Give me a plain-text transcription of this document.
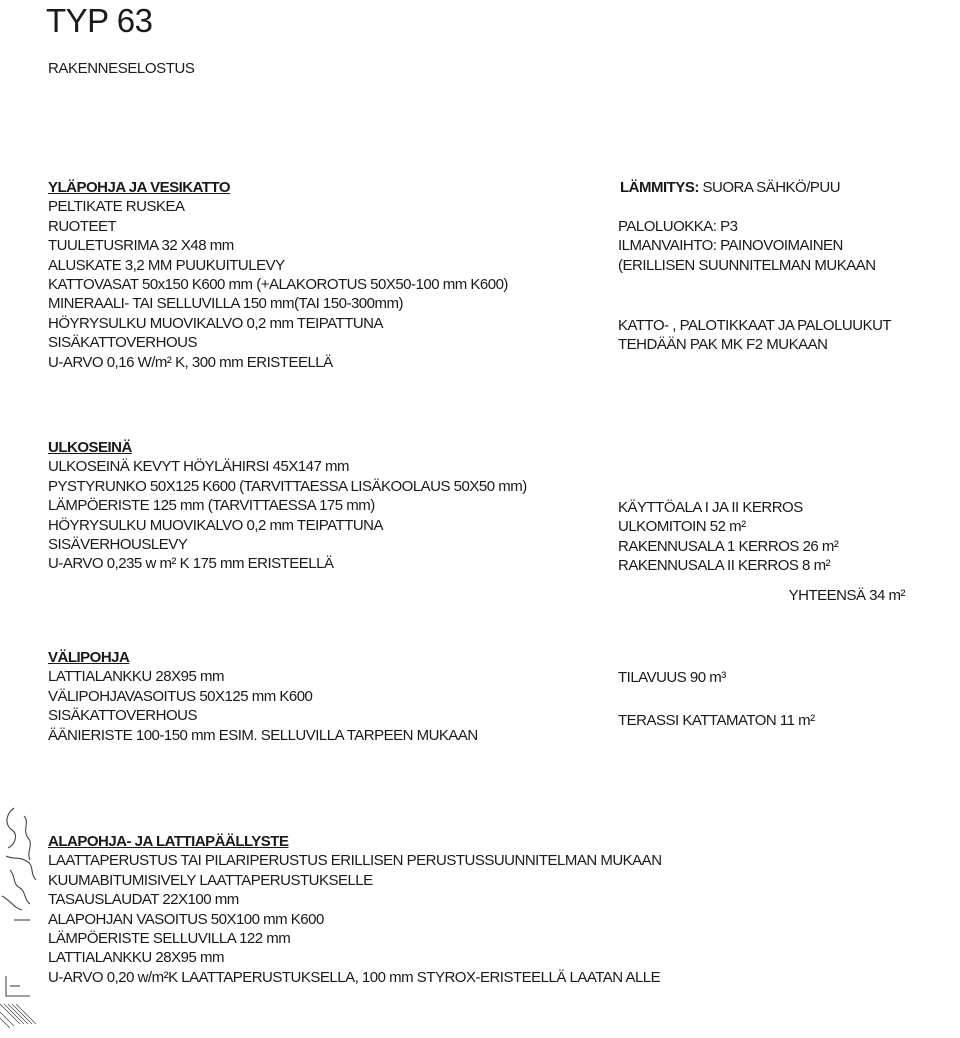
TYP 63
RAKENNESELOSTUS
YLÄPOHJA JA VESIKATTO
PELTIKATE RUSKEA
RUOTEET
TUULETUSRIMA 32 X48 mm
ALUSKATE 3,2 MM PUUKUITULEVY
KATTOVASAT 50x150 K600 mm (+ALAKOROTUS 50X50-100 mm K600)
MINERAALI- TAI SELLUVILLA 150 mm(TAI 150-300mm)
HÖYRYSULKU MUOVIKALVO 0,2 mm TEIPATTUNA
SISÄKATTOVERHOUS
U-ARVO 0,16 W/m² K, 300 mm ERISTEELLÄ
LÄMMITYS: SUORA SÄHKÖ/PUU
PALOLUOKKA: P3
ILMANVAIHTO: PAINOVOIMAINEN
(ERILLISEN SUUNNITELMAN MUKAAN
KATTO- , PALOTIKKAAT JA PALOLUUKUT
TEHDÄÄN PAK MK F2 MUKAAN
ULKOSEINÄ
ULKOSEINÄ KEVYT HÖYLÄHIRSI 45X147 mm
PYSTYRUNKO 50X125 K600 (TARVITTAESSA LISÄKOOLAUS 50X50 mm)
LÄMPÖERISTE 125 mm (TARVITTAESSA 175 mm)
HÖYRYSULKU MUOVIKALVO 0,2 mm TEIPATTUNA
SISÄVERHOUSLEVY
U-ARVO 0,235 w m² K 175 mm ERISTEELLÄ
KÄYTTÖALA I JA II KERROS
ULKOMITOIN 52 m²
RAKENNUSALA 1 KERROS 26 m²
RAKENNUSALA II KERROS 8 m²
YHTEENSÄ 34 m²
VÄLIPOHJA
LATTIALANKKU 28X95 mm
VÄLIPOHJAVASOITUS 50X125 mm K600
SISÄKATTOVERHOUS
ÄÄNIERISTE 100-150 mm ESIM. SELLUVILLA TARPEEN MUKAAN
TILAVUUS 90 m³
TERASSI KATTAMATON 11 m²
ALAPOHJA- JA LATTIAPÄÄLLYSTE
LAATTAPERUSTUS TAI PILARIPERUSTUS ERILLISEN PERUSTUSSUUNNITELMAN MUKAAN
KUUMABITUMISIVELY LAATTAPERUSTUKSELLE
TASAUSLAUDAT 22X100 mm
ALAPOHJAN VASOITUS 50X100 mm K600
LÄMPÖERISTE SELLUVILLA 122 mm
LATTIALANKKU 28X95 mm
U-ARVO 0,20 w/m²K LAATTAPERUSTUKSELLA, 100 mm STYROX-ERISTEELLÄ LAATAN ALLE
